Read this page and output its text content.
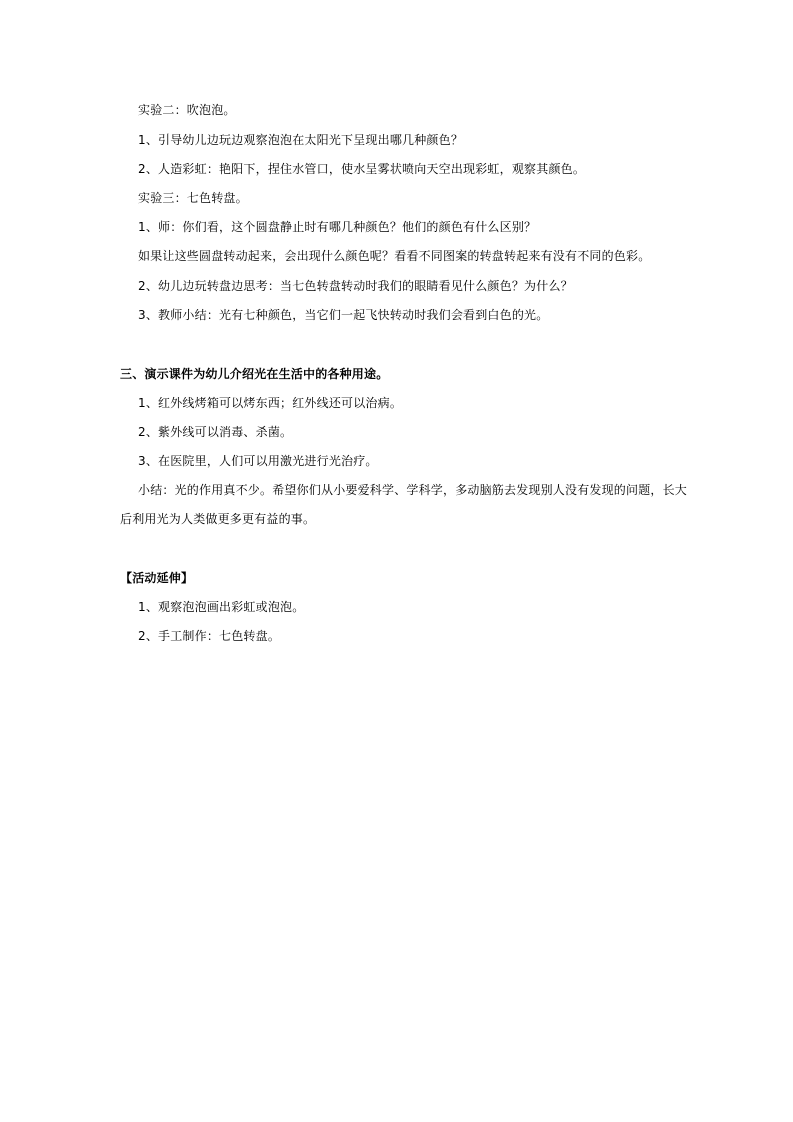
实验二：吹泡泡。
1、引导幼儿边玩边观察泡泡在太阳光下呈现出哪几种颜色？
2、人造彩虹：艳阳下，捏住水管口，使水呈雾状喷向天空出现彩虹，观察其颜色。
实验三：七色转盘。
1、师：你们看，这个圆盘静止时有哪几种颜色？他们的颜色有什么区别？
如果让这些圆盘转动起来，会出现什么颜色呢？看看不同图案的转盘转起来有没有不同的色彩。
2、幼儿边玩转盘边思考：当七色转盘转动时我们的眼睛看见什么颜色？为什么？
3、教师小结：光有七种颜色，当它们一起飞快转动时我们会看到白色的光。
三、演示课件为幼儿介绍光在生活中的各种用途。
1、红外线烤箱可以烤东西；红外线还可以治病。
2、紫外线可以消毒、杀菌。
3、在医院里，人们可以用激光进行光治疗。
小结：光的作用真不少。希望你们从小要爱科学、学科学，多动脑筋去发现别人没有发现的问题，长大
后利用光为人类做更多更有益的事。
【活动延伸】
1、观察泡泡画出彩虹或泡泡。
2、手工制作：七色转盘。
